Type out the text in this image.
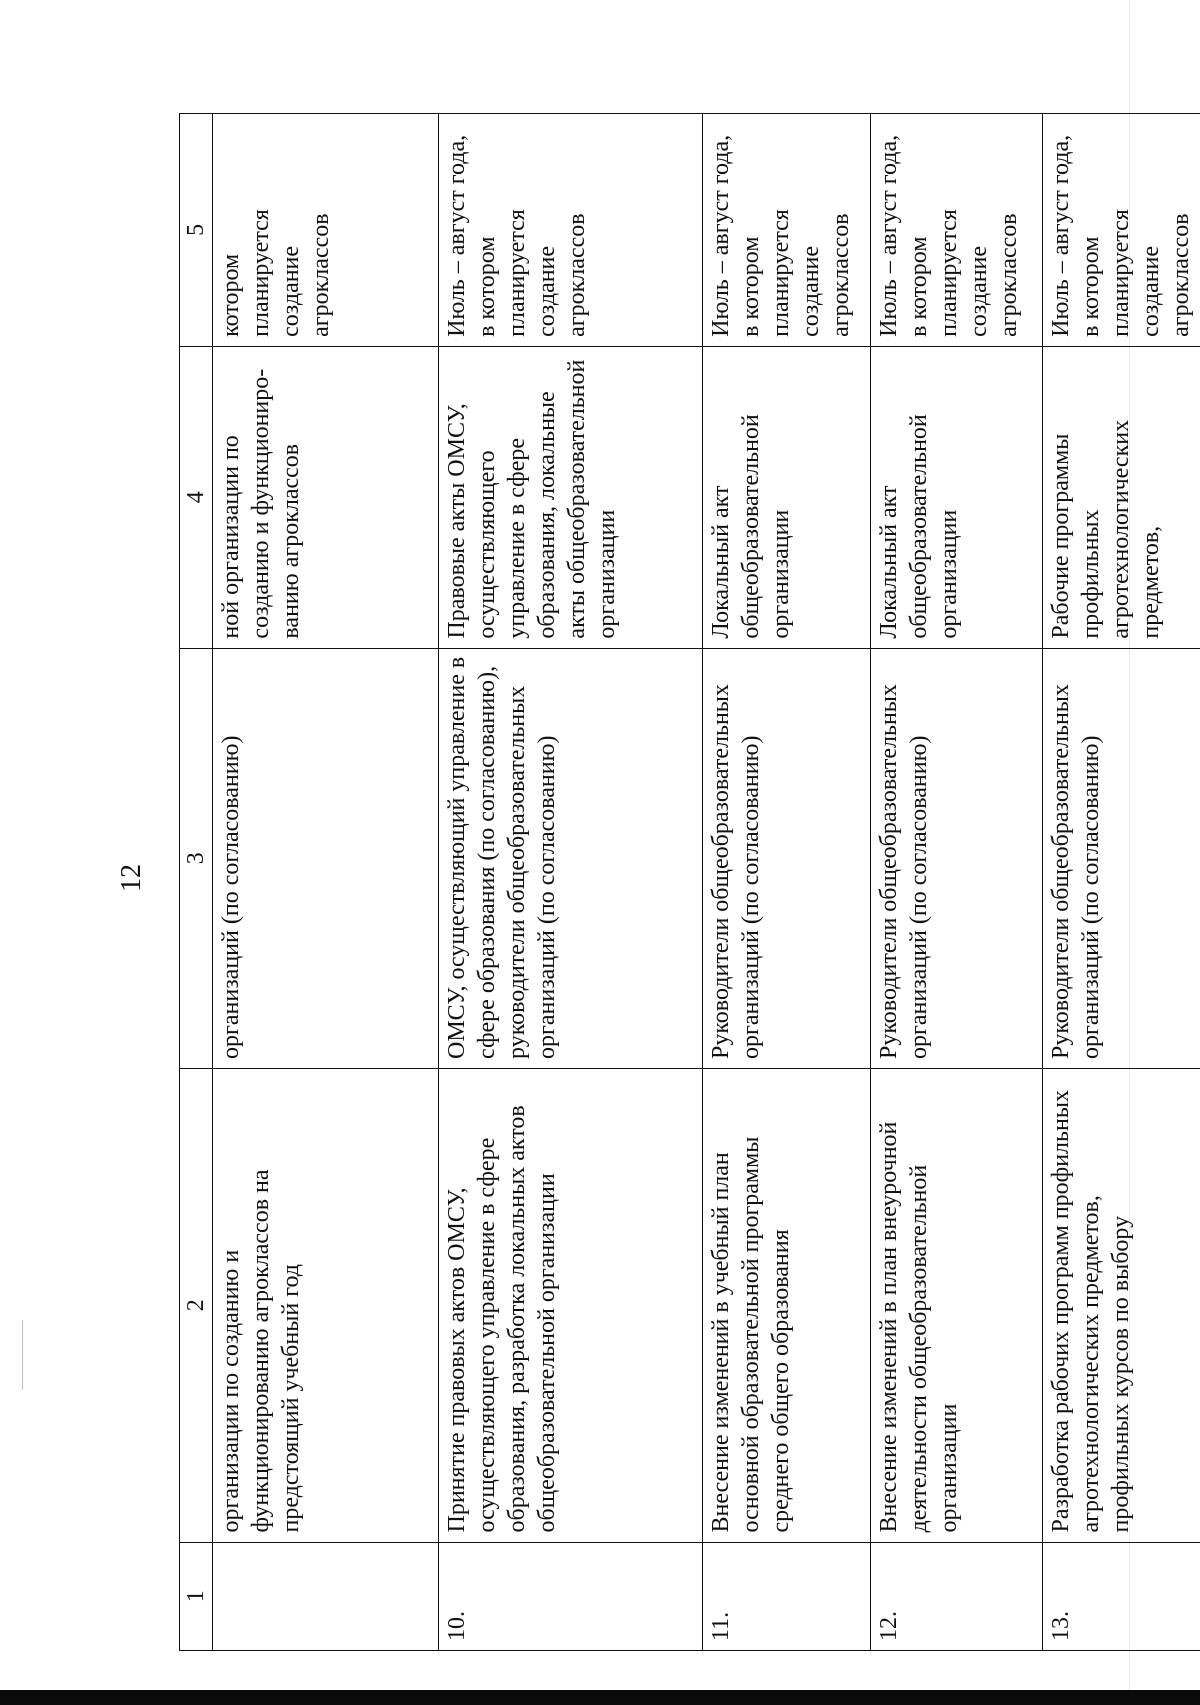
12
1	2	3	4	5
	организации по созданию и функционированию агроклассов на предстоящий учебный год	организаций (по согласованию)	ной организации по созданию и функционированию агроклассов	котором планируется создание агроклассов
10.	Принятие правовых актов ОМСУ, осуществляющего управление в сфере образования, разработка локальных актов общеобразовательной организации	ОМСУ, осуществляющий управление в сфере образования (по согласованию), руководители общеобразовательных организаций (по согласованию)	Правовые акты ОМСУ, осуществляющего управление в сфере образования, локальные акты общеобразовательной организации	Июль – август года, в котором планируется создание агроклассов
11.	Внесение изменений в учебный план основной образовательной программы среднего общего образования	Руководители общеобразовательных организаций (по согласованию)	Локальный акт общеобразовательной организации	Июль – август года, в котором планируется создание агроклассов
12.	Внесение изменений в план внеурочной деятельности общеобразовательной организации	Руководители общеобразовательных организаций (по согласованию)	Локальный акт общеобразовательной организации	Июль – август года, в котором планируется создание агроклассов
13.	Разработка рабочих программ профильных агротехнологических предметов, профильных курсов по выбору	Руководители общеобразовательных организаций (по согласованию)	Рабочие программы профильных агротехнологических предметов,	Июль – август года, в котором планируется создание агроклассов
